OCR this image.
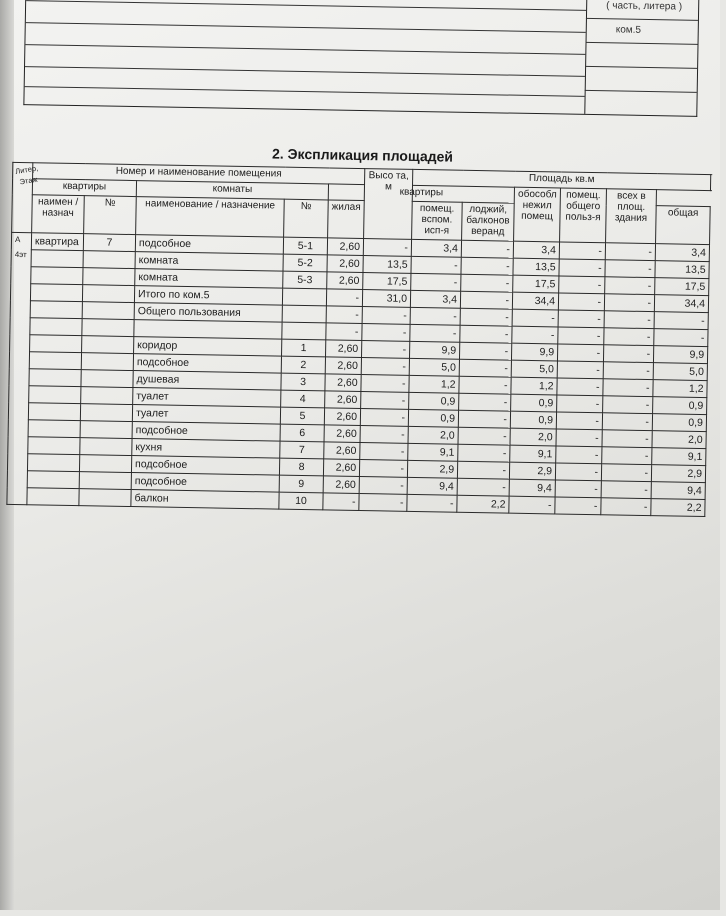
( часть, литера )
ком.5
2. Экспликация площадей
Литер, Этаж	Номер и наименование помещения					Высо та, м	Площадь кв.м					
	квартиры		комнаты		квартиры				обособл нежил помещ	помещ. общего польз-я	всех в площ. здания	
	наимен / назнач	№	наименование / назначение	№	жилая		помещ. вспом. исп-я	лоджий, балконов веранд				общая

А
4эт	квартира	7	подсобное	5-1	2,60	-	3,4	-	3,4	-	-	3,4
			комната	5-2	2,60	13,5	-	-	13,5	-	-	13,5
			комната	5-3	2,60	17,5	-	-	17,5	-	-	17,5
			Итого по ком.5		-	31,0	3,4	-	34,4	-	-	34,4
			Общего пользования		-	-	-	-	-	-	-	-
					-	-	-	-	-	-	-	-
			коридор	1	2,60	-	9,9	-	9,9	-	-	9,9
			подсобное	2	2,60	-	5,0	-	5,0	-	-	5,0
			душевая	3	2,60	-	1,2	-	1,2	-	-	1,2
			туалет	4	2,60	-	0,9	-	0,9	-	-	0,9
			туалет	5	2,60	-	0,9	-	0,9	-	-	0,9
			подсобное	6	2,60	-	2,0	-	2,0	-	-	2,0
			кухня	7	2,60	-	9,1	-	9,1	-	-	9,1
			подсобное	8	2,60	-	2,9	-	2,9	-	-	2,9
			подсобное	9	2,60	-	9,4	-	9,4	-	-	9,4
			балкон	10	-	-	-	2,2	-	-	-	2,2
